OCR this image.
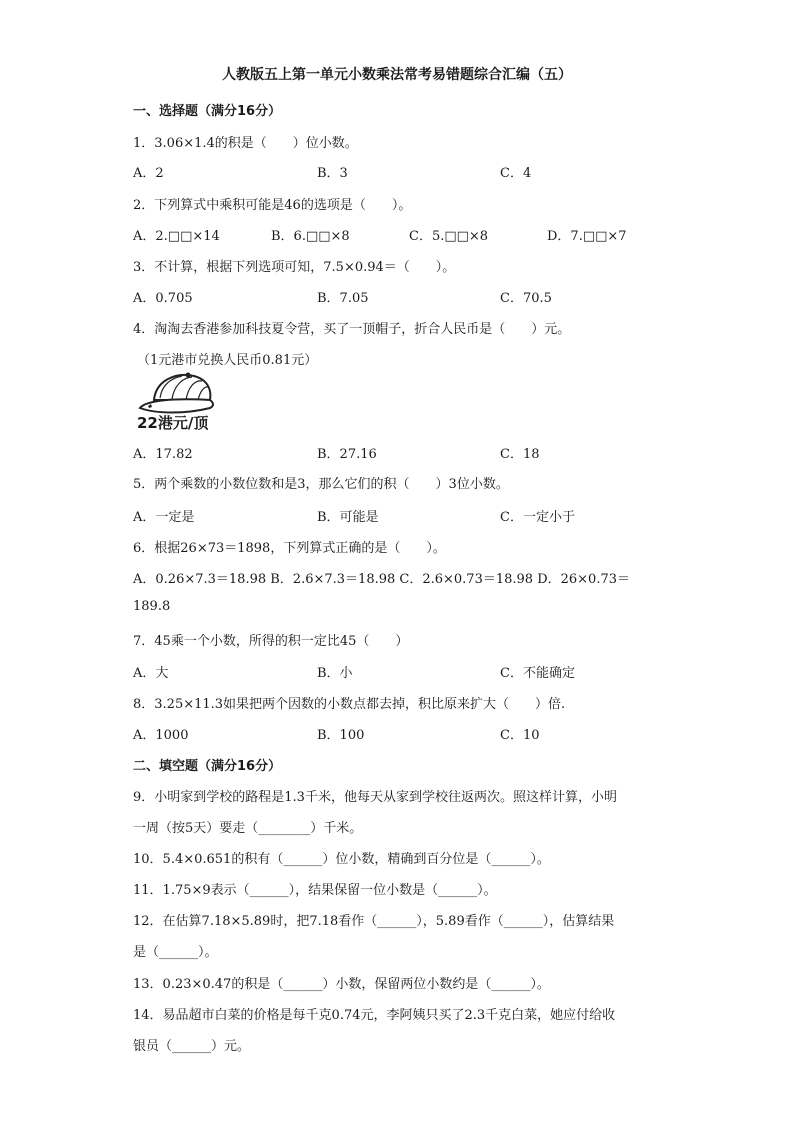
人教版五上第一单元小数乘法常考易错题综合汇编（五）
一、选择题（满分16分）
1．3.06×1.4的积是（　　）位小数。
A．2	B．3	C．4
2．下列算式中乘积可能是46的选项是（　　）。
A．2.□□×14	B．6.□□×8	C．5.□□×8	D．7.□□×7
3．不计算，根据下列选项可知，7.5×0.94＝（　　）。
A．0.705	B．7.05	C．70.5
4．淘淘去香港参加科技夏令营，买了一顶帽子，折合人民币是（　　）元。
（1元港市兑换人民币0.81元）
22港元/顶
A．17.82	B．27.16	C．18
5．两个乘数的小数位数和是3，那么它们的积（　　）3位小数。
A．一定是	B．可能是	C．一定小于
6．根据26×73＝1898，下列算式正确的是（　　）。
A．0.26×7.3＝18.98 B．2.6×7.3＝18.98 C．2.6×0.73＝18.98 D．26×0.73＝
189.8
7．45乘一个小数，所得的积一定比45（　　）
A．大	B．小	C．不能确定
8．3.25×11.3如果把两个因数的小数点都去掉，积比原来扩大（　　）倍.
A．1000	B．100	C．10
二、填空题（满分16分）
9．小明家到学校的路程是1.3千米，他每天从家到学校往返两次。照这样计算，小明
一周（按5天）要走（________）千米。
10．5.4×0.651的积有（______）位小数，精确到百分位是（______）。
11．1.75×9表示（______），结果保留一位小数是（______）。
12．在估算7.18×5.89时，把7.18看作（______），5.89看作（______），估算结果
是（______）。
13．0.23×0.47的积是（______）小数，保留两位小数约是（______）。
14．易品超市白菜的价格是每千克0.74元，李阿姨只买了2.3千克白菜，她应付给收
银员（______）元。
